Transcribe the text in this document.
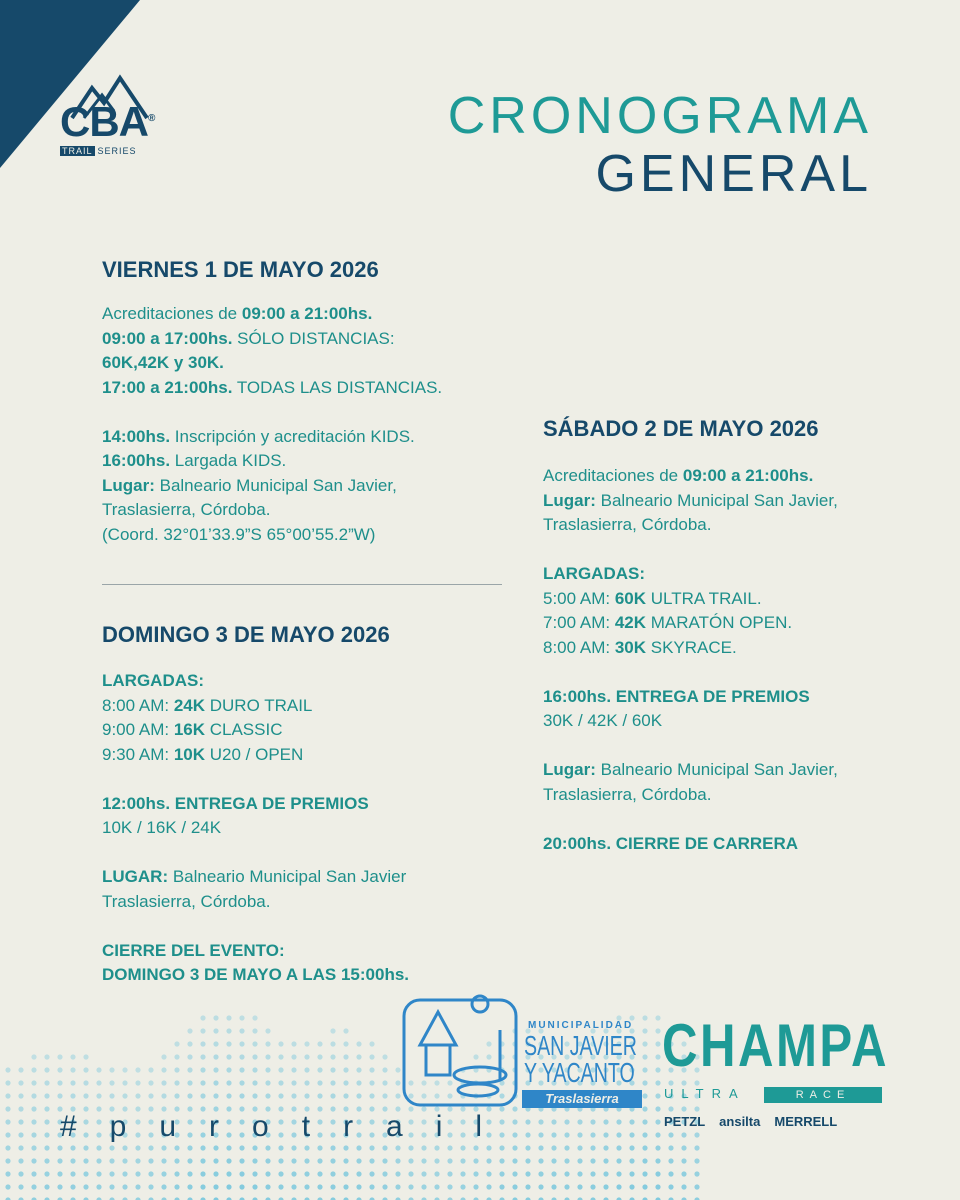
CBA®
TRAIL SERIES
CRONOGRAMA
GENERAL
VIERNES 1 DE MAYO 2026
Acreditaciones de 09:00 a 21:00hs.
09:00 a 17:00hs. SÓLO DISTANCIAS:
60K,42K y 30K.
17:00 a 21:00hs. TODAS LAS DISTANCIAS.

14:00hs. Inscripción y acreditación KIDS.
16:00hs. Largada KIDS.
Lugar: Balneario Municipal San Javier,
Traslasierra, Córdoba.
(Coord. 32°01’33.9”S 65°00’55.2”W)
DOMINGO 3 DE MAYO 2026
LARGADAS:
8:00 AM: 24K DURO TRAIL
9:00 AM: 16K CLASSIC
9:30 AM: 10K U20 / OPEN

12:00hs. ENTREGA DE PREMIOS
10K / 16K / 24K

LUGAR: Balneario Municipal San Javier
Traslasierra, Córdoba.

CIERRE DEL EVENTO:
DOMINGO 3 DE MAYO A LAS 15:00hs.
SÁBADO 2 DE MAYO 2026
Acreditaciones de 09:00 a 21:00hs.
Lugar: Balneario Municipal San Javier,
Traslasierra, Córdoba.

LARGADAS:
5:00 AM: 60K ULTRA TRAIL.
7:00 AM: 42K MARATÓN OPEN.
8:00 AM: 30K SKYRACE.

16:00hs. ENTREGA DE PREMIOS
30K / 42K / 60K

Lugar: Balneario Municipal San Javier,
Traslasierra, Córdoba.

20:00hs. CIERRE DE CARRERA
#purotrail
MUNICIPALIDAD
SAN JAVIER
Y YACANTO
Traslasierra
CHAMPA
ULTRA	RACE
PETZL ansilta MERRELL
